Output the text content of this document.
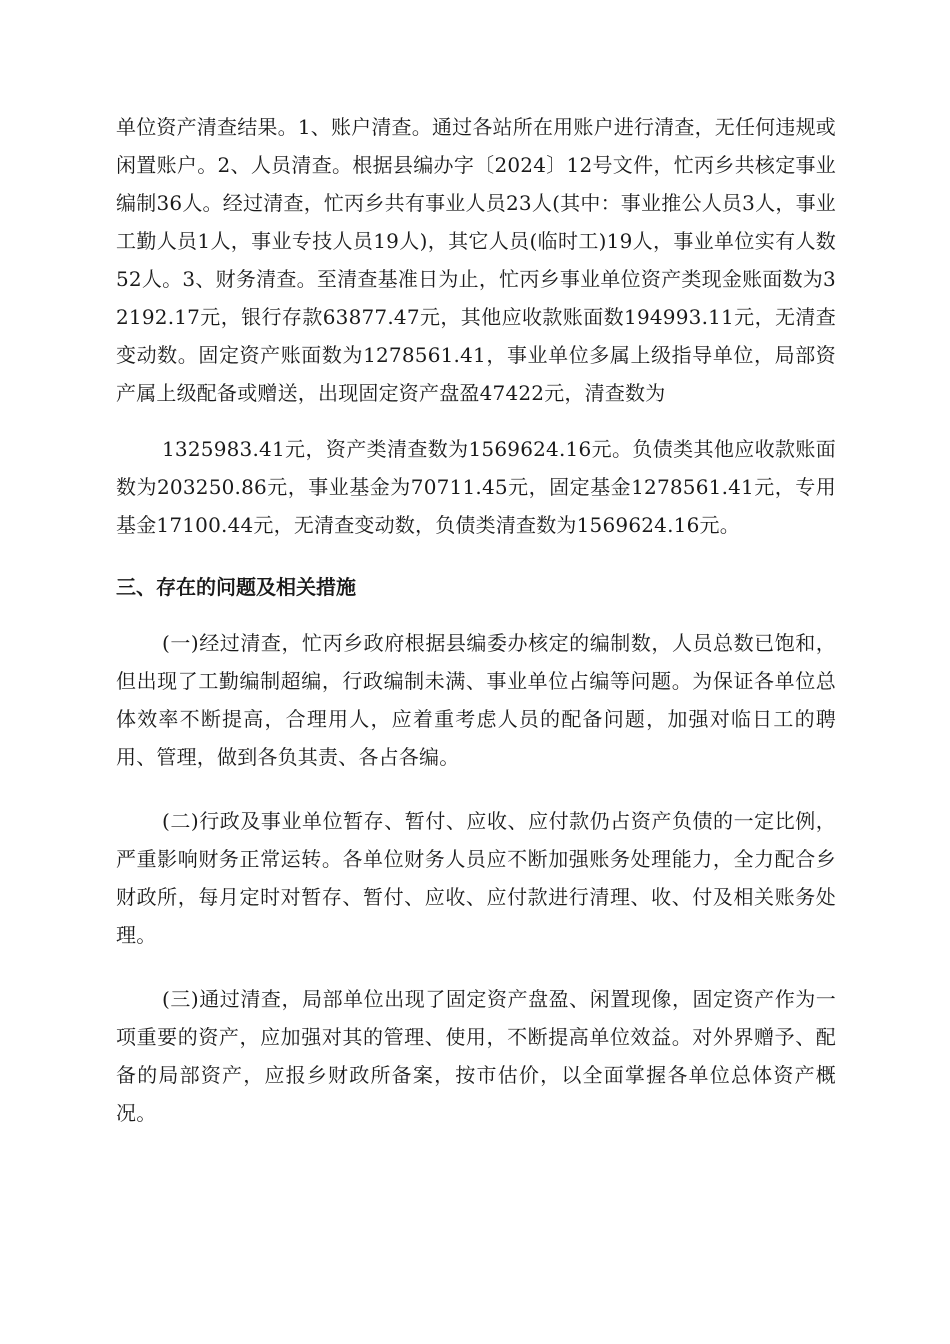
单位资产清查结果。1、账户清查。通过各站所在用账户进行清查，无任何违规或闲置账户。2、人员清查。根据县编办字〔2024〕12号文件，忙丙乡共核定事业编制36人。经过清查，忙丙乡共有事业人员23人(其中：事业推公人员3人，事业工勤人员1人，事业专技人员19人)，其它人员(临时工)19人，事业单位实有人数52人。3、财务清查。至清查基准日为止，忙丙乡事业单位资产类现金账面数为32192.17元，银行存款63877.47元，其他应收款账面数194993.11元，无清查变动数。固定资产账面数为1278561.41，事业单位多属上级指导单位，局部资产属上级配备或赠送，出现固定资产盘盈47422元，清查数为

1325983.41元，资产类清查数为1569624.16元。负债类其他应收款账面数为203250.86元，事业基金为70711.45元，固定基金1278561.41元，专用基金17100.44元，无清查变动数，负债类清查数为1569624.16元。

三、存在的问题及相关措施

(一)经过清查，忙丙乡政府根据县编委办核定的编制数，人员总数已饱和，但出现了工勤编制超编，行政编制未满、事业单位占编等问题。为保证各单位总体效率不断提高，合理用人，应着重考虑人员的配备问题，加强对临日工的聘用、管理，做到各负其责、各占各编。

(二)行政及事业单位暂存、暂付、应收、应付款仍占资产负债的一定比例，严重影响财务正常运转。各单位财务人员应不断加强账务处理能力，全力配合乡财政所，每月定时对暂存、暂付、应收、应付款进行清理、收、付及相关账务处理。

(三)通过清查，局部单位出现了固定资产盘盈、闲置现像，固定资产作为一项重要的资产，应加强对其的管理、使用，不断提高单位效益。对外界赠予、配备的局部资产，应报乡财政所备案，按市估价，以全面掌握各单位总体资产概况。
